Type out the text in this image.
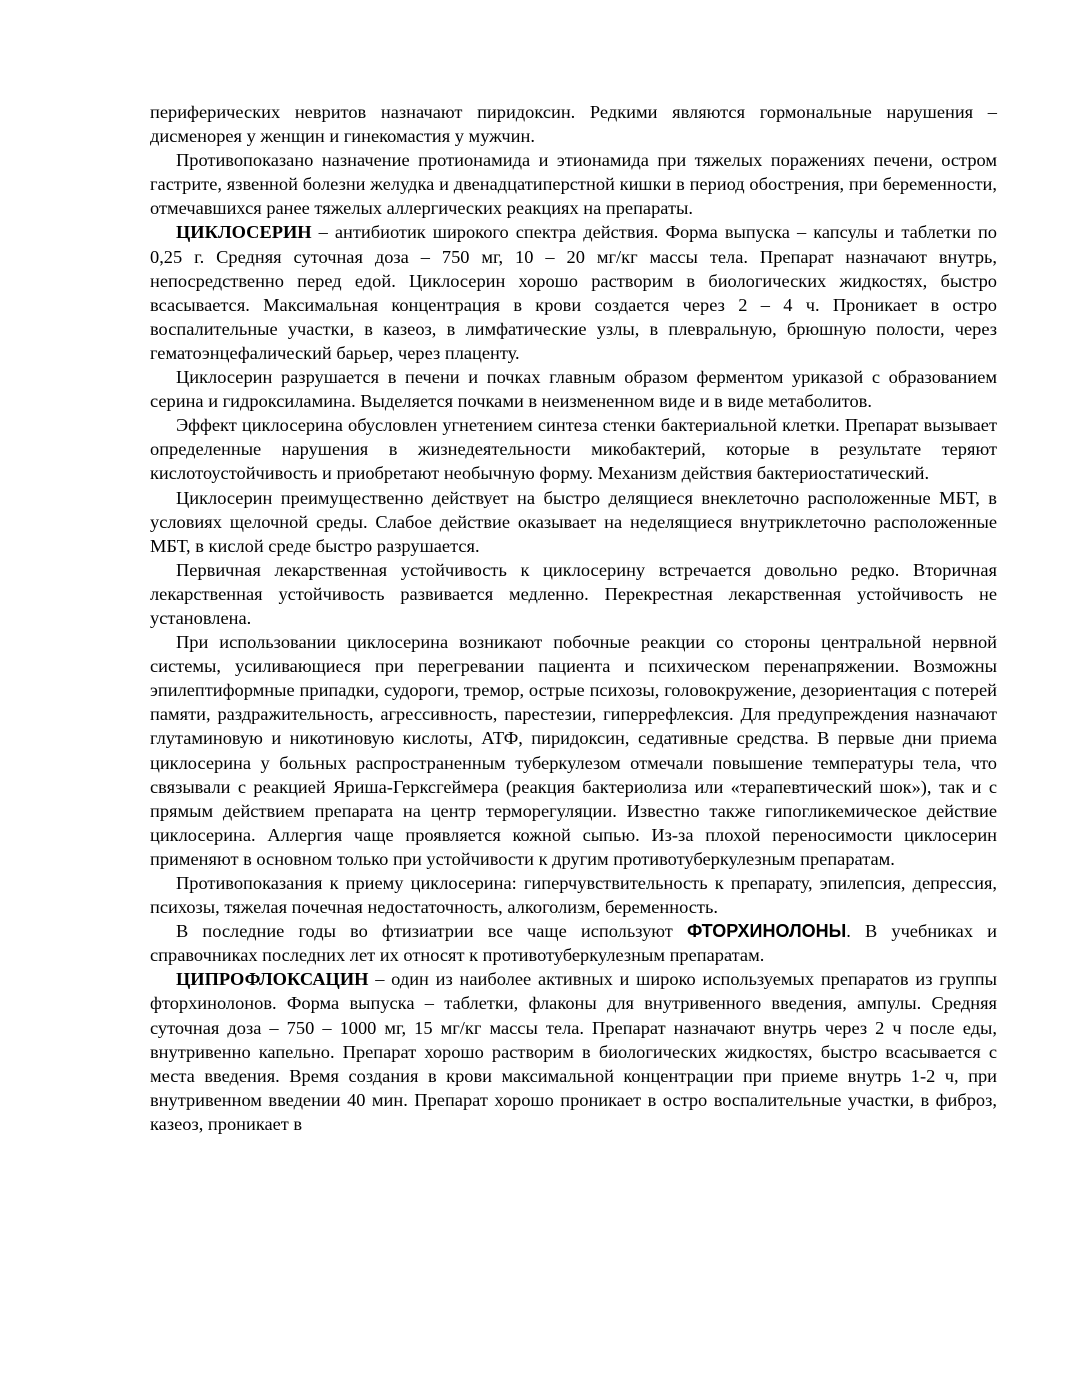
периферических невритов назначают пиридоксин. Редкими являются гормональные нарушения – дисменорея у женщин и гинекомастия у мужчин.

Противопоказано назначение протионамида и этионамида при тяжелых поражениях печени, остром гастрите, язвенной болезни желудка и двенадцатиперстной кишки в период обострения, при беременности, отмечавшихся ранее тяжелых аллергических реакциях на препараты.

ЦИКЛОСЕРИН – антибиотик широкого спектра действия. Форма выпуска – капсулы и таблетки по 0,25 г. Средняя суточная доза – 750 мг, 10 – 20 мг/кг массы тела. Препарат назначают внутрь, непосредственно перед едой. Циклосерин хорошо растворим в биологических жидкостях, быстро всасывается. Максимальная концентрация в крови создается через 2 – 4 ч. Проникает в остро воспалительные участки, в казеоз, в лимфатические узлы, в плевральную, брюшную полости, через гематоэнцефалический барьер, через плаценту.

Циклосерин разрушается в печени и почках главным образом ферментом уриказой с образованием серина и гидроксиламина. Выделяется почками в неизмененном виде и в виде метаболитов.

Эффект циклосерина обусловлен угнетением синтеза стенки бактериальной клетки. Препарат вызывает определенные нарушения в жизнедеятельности микобактерий, которые в результате теряют кислотоустойчивость и приобретают необычную форму. Механизм действия бактериостатический.

Циклосерин преимущественно действует на быстро делящиеся внеклеточно расположенные МБТ, в условиях щелочной среды. Слабое действие оказывает на неделящиеся внутриклеточно расположенные МБТ, в кислой среде быстро разрушается.

Первичная лекарственная устойчивость к циклосерину встречается довольно редко. Вторичная лекарственная устойчивость развивается медленно. Перекрестная лекарственная устойчивость не установлена.

При использовании циклосерина возникают побочные реакции со стороны центральной нервной системы, усиливающиеся при перегревании пациента и психическом перенапряжении. Возможны эпилептиформные припадки, судороги, тремор, острые психозы, головокружение, дезориентация с потерей памяти, раздражительность, агрессивность, парестезии, гиперрефлексия. Для предупреждения назначают глутаминовую и никотиновую кислоты, АТФ, пиридоксин, седативные средства. В первые дни приема циклосерина у больных распространенным туберкулезом отмечали повышение температуры тела, что связывали с реакцией Яриша-Герксгеймера (реакция бактериолиза или «терапевтический шок»), так и с прямым действием препарата на центр терморегуляции. Известно также гипогликемическое действие циклосерина. Аллергия чаще проявляется кожной сыпью. Из-за плохой переносимости циклосерин применяют в основном только при устойчивости к другим противотуберкулезным препаратам.

Противопоказания к приему циклосерина: гиперчувствительность к препарату, эпилепсия, депрессия, психозы, тяжелая почечная недостаточность, алкоголизм, беременность.

В последние годы во фтизиатрии все чаще используют ФТОРХИНОЛОНЫ. В учебниках и справочниках последних лет их относят к противотуберкулезным препаратам.

ЦИПРОФЛОКСАЦИН – один из наиболее активных и широко используемых препаратов из группы фторхинолонов. Форма выпуска – таблетки, флаконы для внутривенного введения, ампулы. Средняя суточная доза – 750 – 1000 мг, 15 мг/кг массы тела. Препарат назначают внутрь через 2 ч после еды, внутривенно капельно. Препарат хорошо растворим в биологических жидкостях, быстро всасывается с места введения. Время создания в крови максимальной концентрации при приеме внутрь 1-2 ч, при внутривенном введении 40 мин. Препарат хорошо проникает в остро воспалительные участки, в фиброз, казеоз, проникает в
